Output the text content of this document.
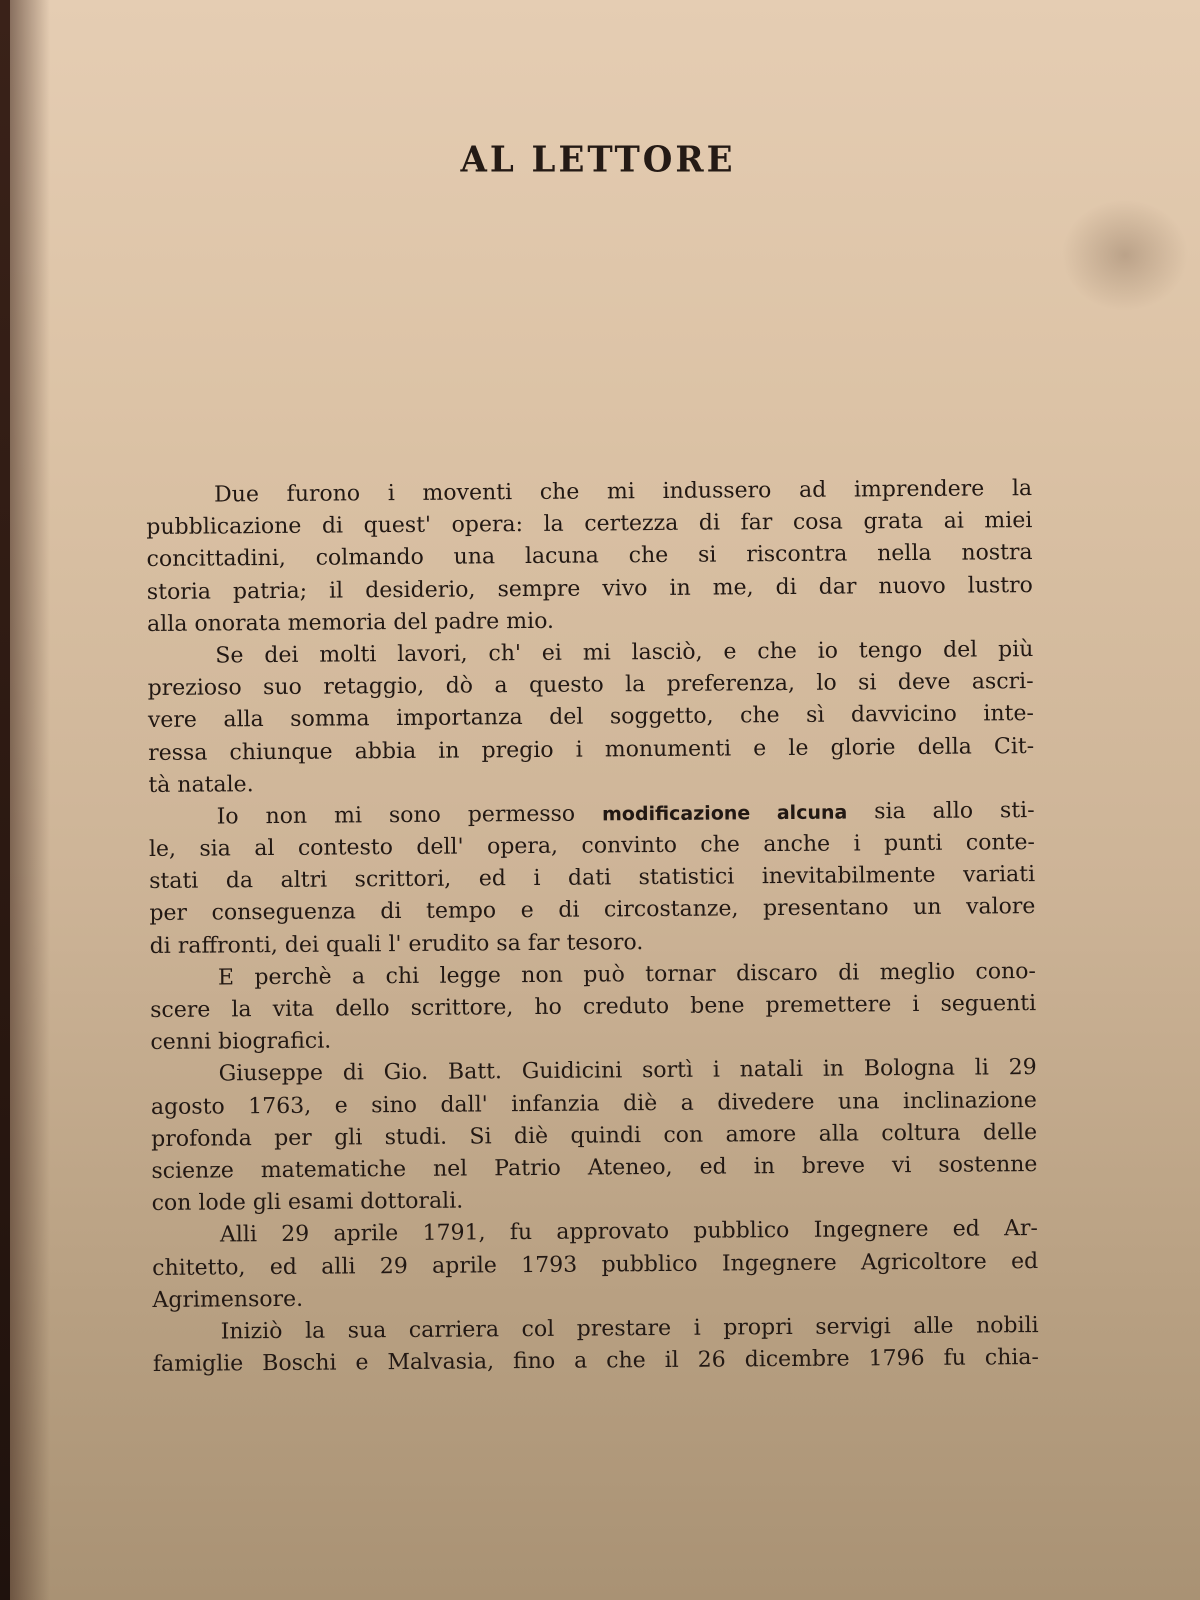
AL LETTORE
Due furono i moventi che mi indussero ad imprendere la
pubblicazione di quest' opera: la certezza di far cosa grata ai miei
concittadini, colmando una lacuna che si riscontra nella nostra
storia patria; il desiderio, sempre vivo in me, di dar nuovo lustro
alla onorata memoria del padre mio.
Se dei molti lavori, ch' ei mi lasciò, e che io tengo del più
prezioso suo retaggio, dò a questo la preferenza, lo si deve ascri-
vere alla somma importanza del soggetto, che sì davvicino inte-
ressa chiunque abbia in pregio i monumenti e le glorie della Cit-
tà natale.
Io non mi sono permesso modificazione alcuna sia allo sti-
le, sia al contesto dell' opera, convinto che anche i punti conte-
stati da altri scrittori, ed i dati statistici inevitabilmente variati
per conseguenza di tempo e di circostanze, presentano un valore
di raffronti, dei quali l' erudito sa far tesoro.
E perchè a chi legge non può tornar discaro di meglio cono-
scere la vita dello scrittore, ho creduto bene premettere i seguenti
cenni biografici.
Giuseppe di Gio. Batt. Guidicini sortì i natali in Bologna li 29
agosto 1763, e sino dall' infanzia diè a divedere una inclinazione
profonda per gli studi. Si diè quindi con amore alla coltura delle
scienze matematiche nel Patrio Ateneo, ed in breve vi sostenne
con lode gli esami dottorali.
Alli 29 aprile 1791, fu approvato pubblico Ingegnere ed Ar-
chitetto, ed alli 29 aprile 1793 pubblico Ingegnere Agricoltore ed
Agrimensore.
Iniziò la sua carriera col prestare i propri servigi alle nobili
famiglie Boschi e Malvasia, fino a che il 26 dicembre 1796 fu chia-
